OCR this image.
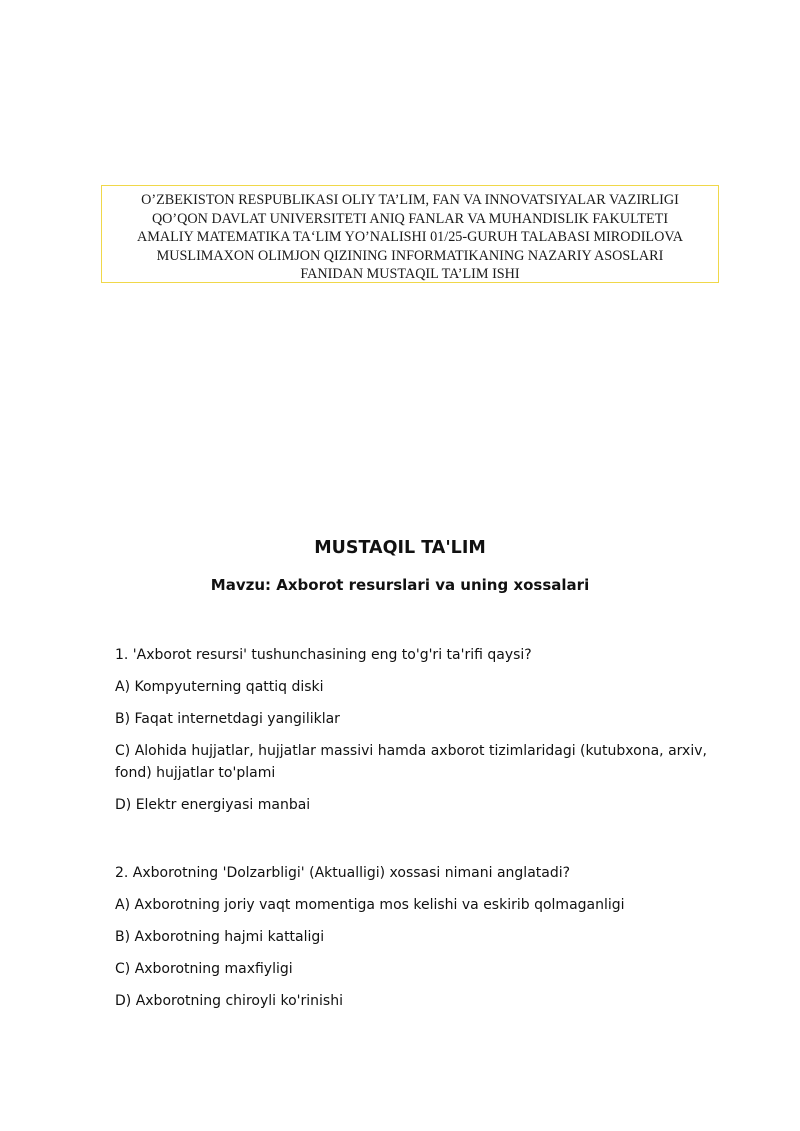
O’ZBEKISTON RESPUBLIKASI OLIY TA’LIM, FAN VA INNOVATSIYALAR VAZIRLIGI
QO’QON DAVLAT UNIVERSITETI ANIQ FANLAR VA MUHANDISLIK FAKULTETI
AMALIY MATEMATIKA TA‘LIM YO’NALISHI 01/25-GURUH TALABASI MIRODILOVA
MUSLIMAXON OLIMJON QIZINING INFORMATIKANING NAZARIY ASOSLARI
FANIDAN MUSTAQIL TA’LIM ISHI
MUSTAQIL TA'LIM
Mavzu: Axborot resurslari va uning xossalari

1. 'Axborot resursi' tushunchasining eng to'g'ri ta'rifi qaysi?

A) Kompyuterning qattiq diski

B) Faqat internetdagi yangiliklar

C) Alohida hujjatlar, hujjatlar massivi hamda axborot tizimlaridagi (kutubxona, arxiv, fond) hujjatlar to'plami

D) Elektr energiyasi manbai

2. Axborotning 'Dolzarbligi' (Aktualligi) xossasi nimani anglatadi?

A) Axborotning joriy vaqt momentiga mos kelishi va eskirib qolmaganligi

B) Axborotning hajmi kattaligi

C) Axborotning maxfiyligi

D) Axborotning chiroyli ko'rinishi
